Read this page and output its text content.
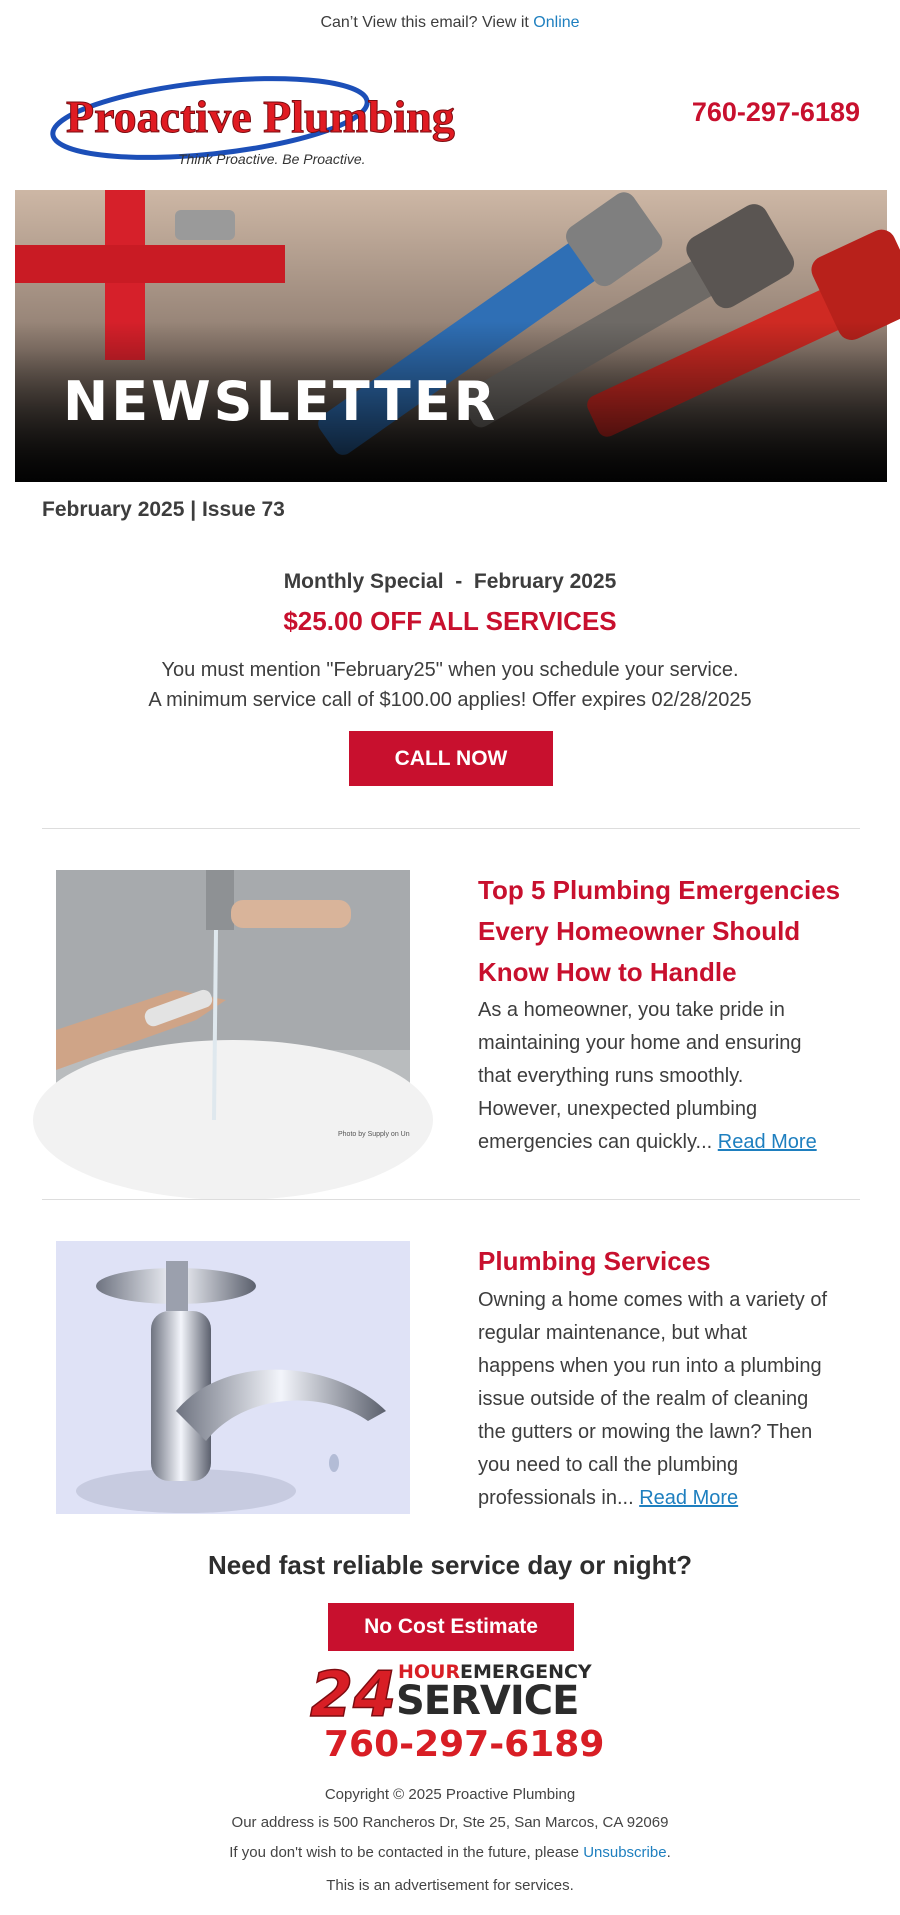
Can’t View this email? View it Online
Proactive Plumbing
Think Proactive. Be Proactive.
760-297-6189
NEWSLETTER
February 2025 | Issue 73
Monthly Special  -  February 2025
$25.00 OFF ALL SERVICES
You must mention "February25" when you schedule your service.
A minimum service call of $100.00 applies! Offer expires 02/28/2025
CALL NOW
Photo by Supply on Un
Top 5 Plumbing Emergencies
Every Homeowner Should
Know How to Handle
As a homeowner, you take pride in
maintaining your home and ensuring
that everything runs smoothly.
However, unexpected plumbing
emergencies can quickly... Read More
Plumbing Services
Owning a home comes with a variety of
regular maintenance, but what
happens when you run into a plumbing
issue outside of the realm of cleaning
the gutters or mowing the lawn? Then
you need to call the plumbing
professionals in... Read More
Need fast reliable service day or night?
No Cost Estimate
24 HOUR EMERGENCY
SERVICE
760-297-6189
Copyright © 2025 Proactive Plumbing
Our address is 500 Rancheros Dr, Ste 25, San Marcos, CA 92069
If you don't wish to be contacted in the future, please Unsubscribe.
This is an advertisement for services.
